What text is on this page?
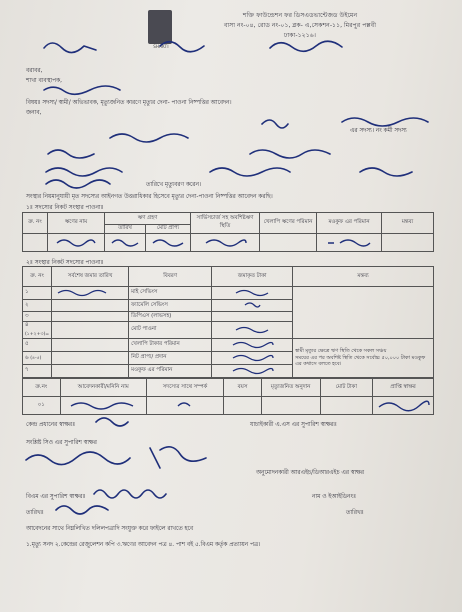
SHAKTI
শক্তি ফাউন্ডেশন ফর ডিসএডভান্টেজড উইমেন
বাসা নং-০৪, রোড নং-০১, ব্লক- এ,সেকশন-১১, মিরপুর পল্লবী
ঢাকা-১২১৬।
বরাবর,
শাখা ব্যবস্থাপক,
বিষয়ঃ সদস্য/ স্বামী/ অভিভাবক, মৃত্যুজনিত কারণে মৃত্যুর দেনা- পাওনা নিষ্পত্তির আবেদন।
জনাব,
এর সদস্য। নং কর্মী সদস্য
তারিখে মৃত্যুবরণ করেন।
সংস্থার নিয়মানুযায়ী মৃত সদস্যের আইনগত উত্তরাধিকার হিসেবে মৃত্যুর দেনা-পাওনা নিষ্পত্তির আবেদন করছি।
১ঃ সদস্যের নিকট সংস্থার পাওনাঃ
ক্র. নং	ঋণের নাম	ঋণ গ্রহণ		সার্ভিসচার্জ সহ অবশিষ্টঋণ স্থিতি	খেলাপি ঋণের পরিমান	মওকুফ এর পরিমান	মন্তব্য
		তারিখ	মোট প্রাপ্য				

২ঃ সংস্থার নিকট সদস্যের পাওনাঃ
ক্র. নং	সর্বশেষ জমার তারিখ	বিবরণ	জমাকৃত টাকা	মন্তব্য
১		মাই সেভিংস		
২		ফ্যামেলি সেভিংস	
৩		ডিপিএস (লাভসহ)		
৪ (১+২+৩)=		মোট পাওনা	
৫		খেলাপি টাকার পরিমান		স্বামী মৃত্যুর ক্ষেত্রে ঋণ স্থিতি থেকে সকল সঞ্চয়
সময়ের এর পর অবশিষ্ট স্থিতি থেকে সর্বোচ্চ ৫০,০০০ টাকা মওকুফ এর কথাসে বলতে হবে।

৬ (৪-৫)		নিট প্রাপ্য/ প্রদান	
৭		মওকুফ এর পরিমান	
ক্র.নং	আবেদনকারী/মনিনি নাম	সদস্যের সাথে সম্পর্ক	বয়স	মৃত্যুজনিত অনুদান	মোট টাকা	প্রাপ্তি স্বাক্ষর
০১						
কেন্দ্র প্রধানের স্বাক্ষরঃ	যাচাইকারী এ.এস এর সুপারিশ স্বাক্ষরঃ
সংশ্লিষ্ট সিও এর সুপারিশ স্বাক্ষর
অনুমোদনকারী আরএইচ/ডিআরএইচ এর স্বাক্ষর
বিএম এর সুপারিশ স্বাক্ষরঃ	নাম ও ইআইডিনংঃ
তারিখঃ	তারিখঃ
আবেদনের সাথে নিম্নলিখিত দলিলপত্রাদি সংযুক্ত করে ফাইলে রাখতে হবে
১.মৃত্যু সনদ ২.কেন্দ্রের রেজুলেশন কপি ৩.ঋণের আবেদন পত্র ৪. পাশ বই ৫.বিএম কর্তৃক প্রত্যায়ন পত্র।
